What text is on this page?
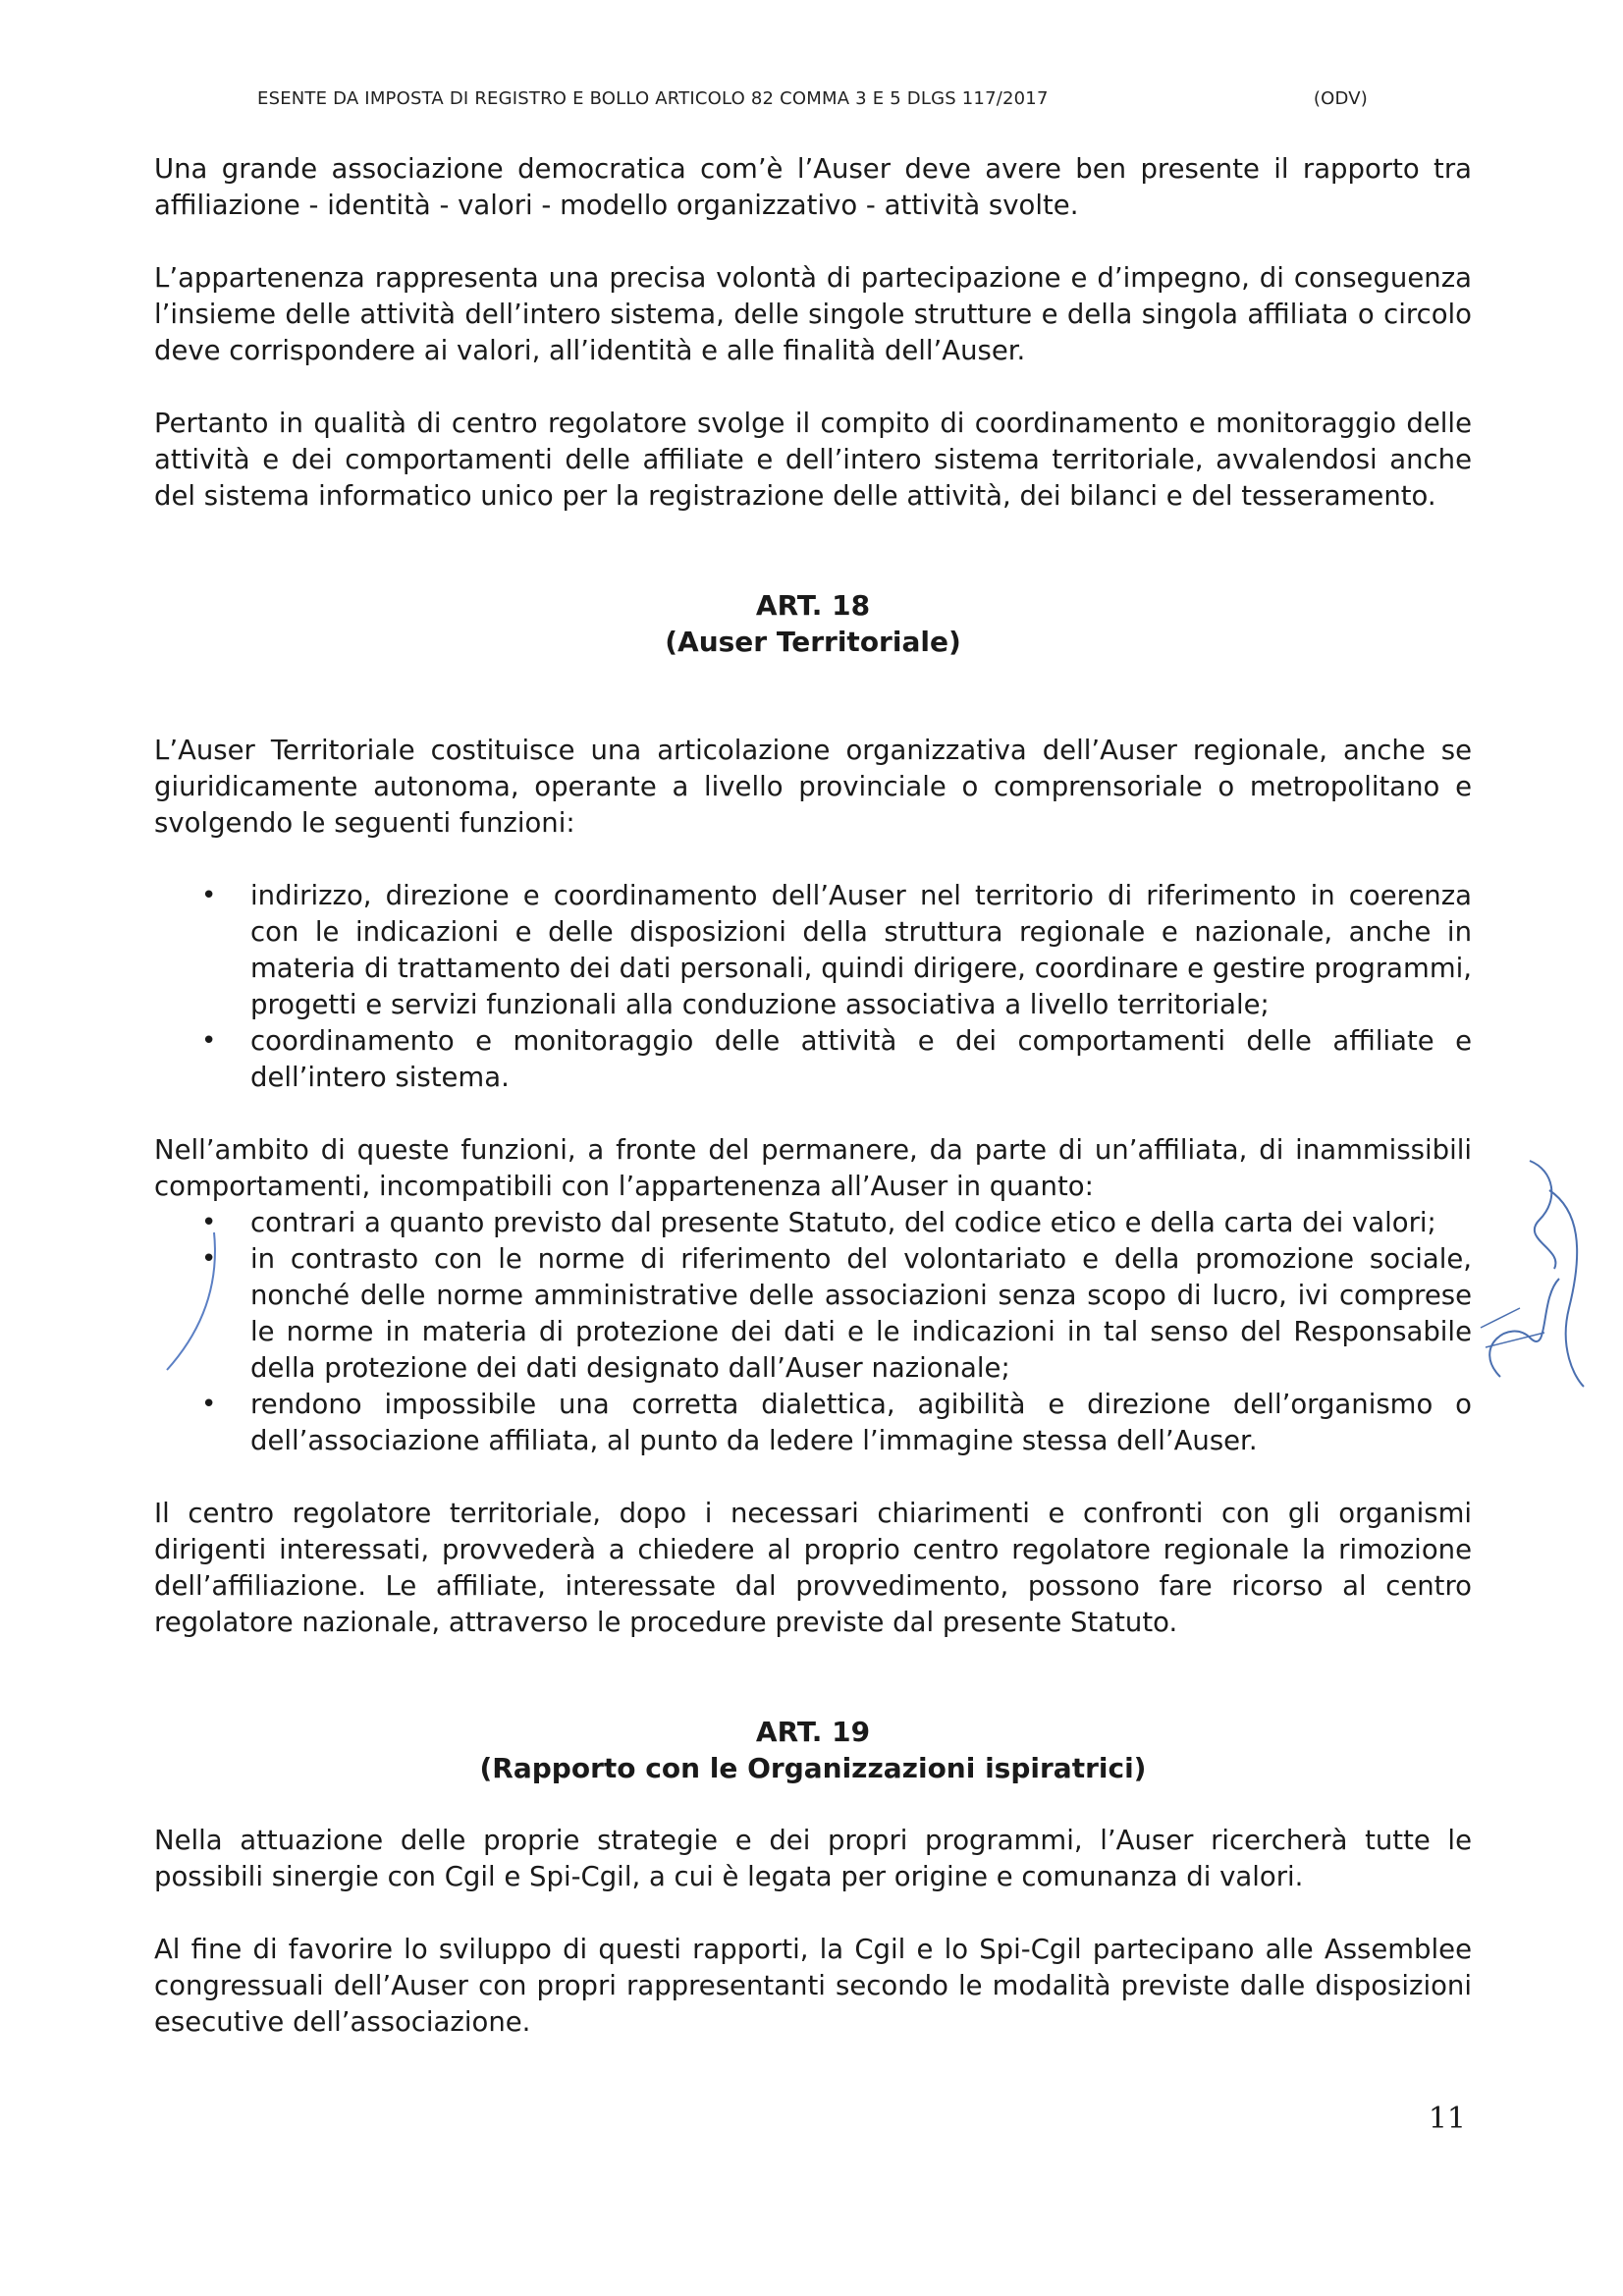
ESENTE DA IMPOSTA DI REGISTRO E BOLLO ARTICOLO 82 COMMA 3 E 5 DLGS 117/2017	(ODV)

Una grande associazione democratica com’è l’Auser deve avere ben presente il rapporto tra affiliazione - identità - valori - modello organizzativo - attività svolte.

L’appartenenza rappresenta una precisa volontà di partecipazione e d’impegno, di conseguenza l’insieme delle attività dell’intero sistema, delle singole strutture e della singola affiliata o circolo deve corrispondere ai valori, all’identità e alle finalità dell’Auser.

Pertanto in qualità di centro regolatore svolge il compito di coordinamento e monitoraggio delle attività e dei comportamenti delle affiliate e dell’intero sistema territoriale, avvalendosi anche del sistema informatico unico per la registrazione delle attività, dei bilanci e del tesseramento.

ART. 18

(Auser Territoriale)

L’Auser Territoriale costituisce una articolazione organizzativa dell’Auser regionale, anche se giuridicamente autonoma, operante a livello provinciale o comprensoriale o metropolitano e svolgendo le seguenti funzioni:

• indirizzo, direzione e coordinamento dell’Auser nel territorio di riferimento in coerenza con le indicazioni e delle disposizioni della struttura regionale e nazionale, anche in materia di trattamento dei dati personali, quindi dirigere, coordinare e gestire programmi, progetti e servizi funzionali alla conduzione associativa a livello territoriale;
• coordinamento e monitoraggio delle attività e dei comportamenti delle affiliate e dell’intero sistema.

Nell’ambito di queste funzioni, a fronte del permanere, da parte di un’affiliata, di inammissibili comportamenti, incompatibili con l’appartenenza all’Auser in quanto:

• contrari a quanto previsto dal presente Statuto, del codice etico e della carta dei valori;
• in contrasto con le norme di riferimento del volontariato e della promozione sociale, nonché delle norme amministrative delle associazioni senza scopo di lucro, ivi comprese le norme in materia di protezione dei dati e le indicazioni in tal senso del Responsabile della protezione dei dati designato dall’Auser nazionale;
• rendono impossibile una corretta dialettica, agibilità e direzione dell’organismo o dell’associazione affiliata, al punto da ledere l’immagine stessa dell’Auser.

Il centro regolatore territoriale, dopo i necessari chiarimenti e confronti con gli organismi dirigenti interessati, provvederà a chiedere al proprio centro regolatore regionale la rimozione dell’affiliazione. Le affiliate, interessate dal provvedimento, possono fare ricorso al centro regolatore nazionale, attraverso le procedure previste dal presente Statuto.

ART. 19

(Rapporto con le Organizzazioni ispiratrici)

Nella attuazione delle proprie strategie e dei propri programmi, l’Auser ricercherà tutte le possibili sinergie con Cgil e Spi-Cgil, a cui è legata per origine e comunanza di valori.

Al fine di favorire lo sviluppo di questi rapporti, la Cgil e lo Spi-Cgil partecipano alle Assemblee congressuali dell’Auser con propri rappresentanti secondo le modalità previste dalle disposizioni esecutive dell’associazione.

11
